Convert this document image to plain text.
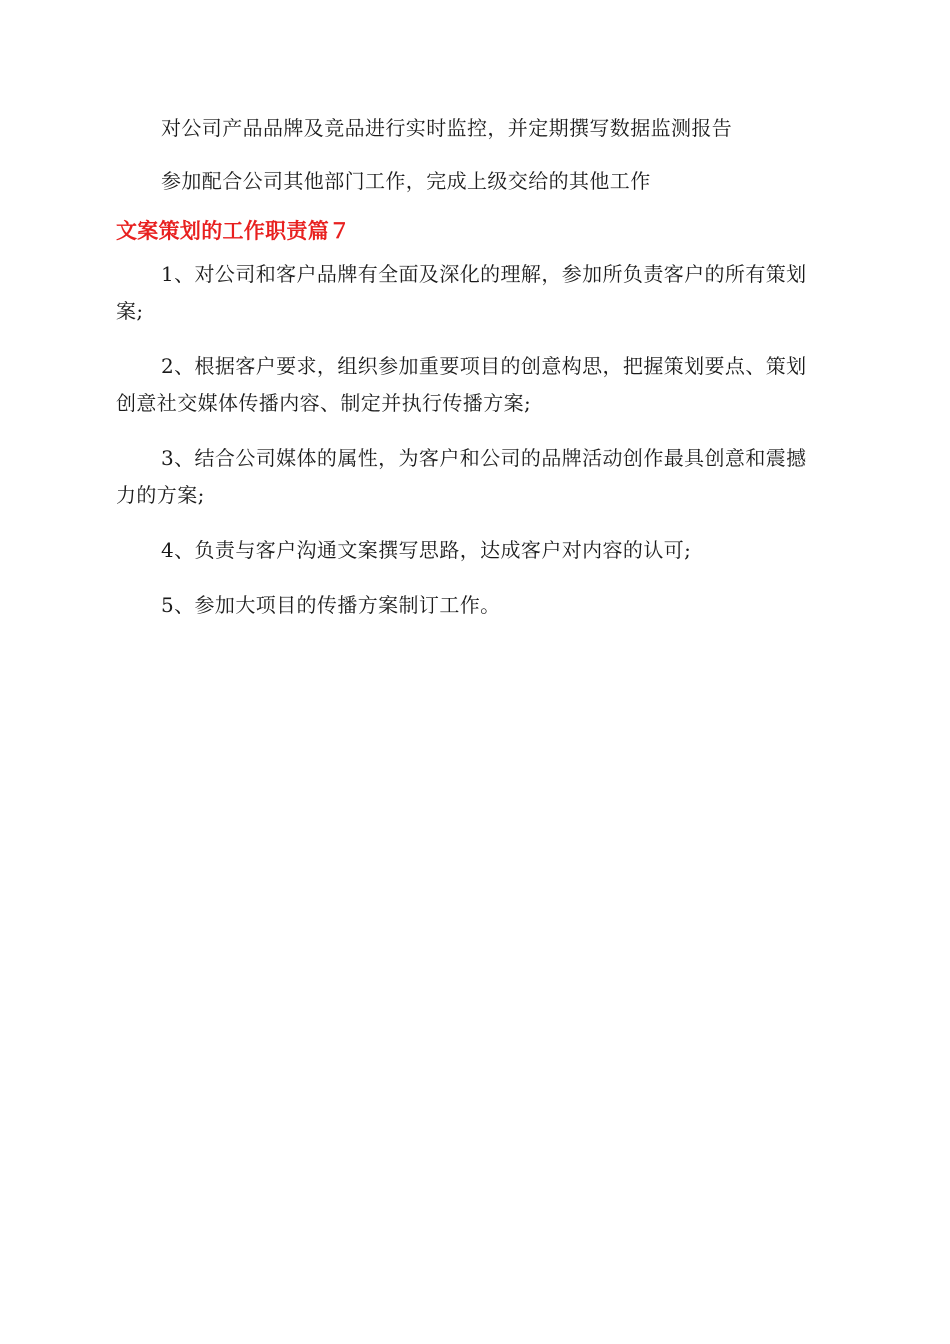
对公司产品品牌及竞品进行实时监控，并定期撰写数据监测报告

参加配合公司其他部门工作，完成上级交给的其他工作

文案策划的工作职责篇７

1、对公司和客户品牌有全面及深化的理解，参加所负责客户的所有策划案;

2、根据客户要求，组织参加重要项目的创意构思，把握策划要点、策划创意社交媒体传播内容、制定并执行传播方案;

3、结合公司媒体的属性，为客户和公司的品牌活动创作最具创意和震撼力的方案;

4、负责与客户沟通文案撰写思路，达成客户对内容的认可;

5、参加大项目的传播方案制订工作。
